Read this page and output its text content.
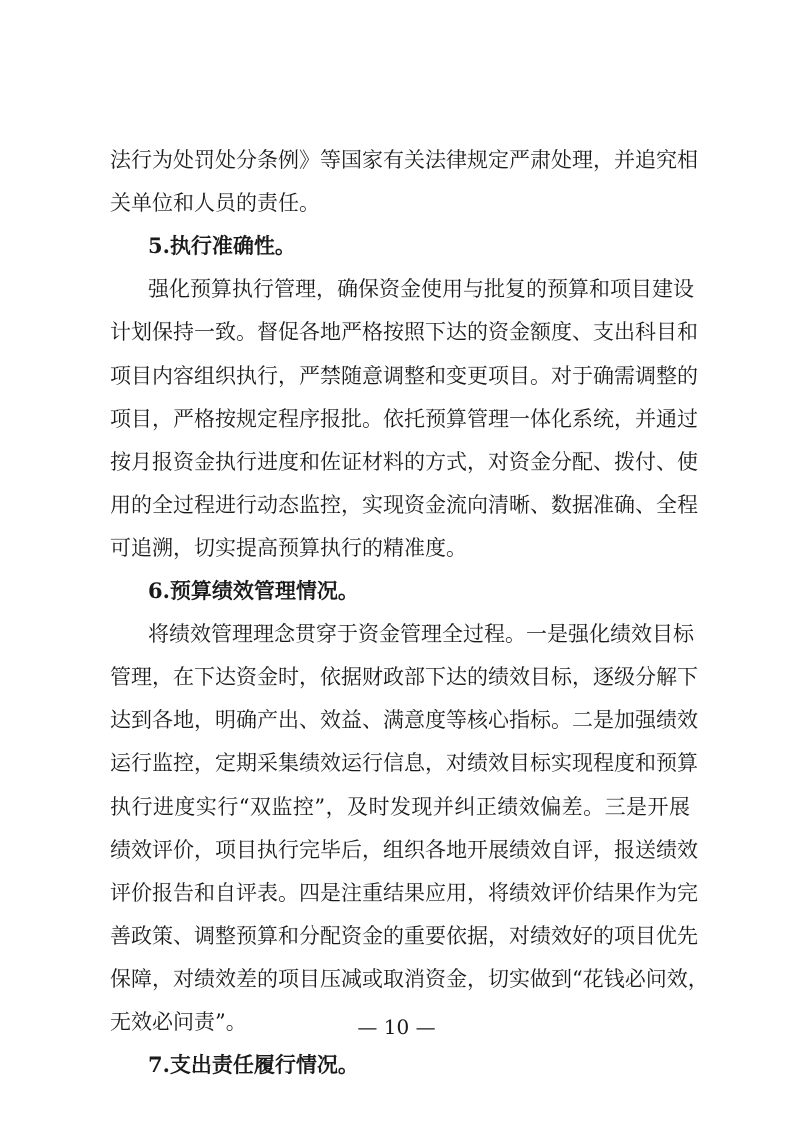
法行为处罚处分条例》等国家有关法律规定严肃处理，并追究相
关单位和人员的责任。
5.执行准确性。
强化预算执行管理，确保资金使用与批复的预算和项目建设
计划保持一致。督促各地严格按照下达的资金额度、支出科目和
项目内容组织执行，严禁随意调整和变更项目。对于确需调整的
项目，严格按规定程序报批。依托预算管理一体化系统，并通过
按月报资金执行进度和佐证材料的方式，对资金分配、拨付、使
用的全过程进行动态监控，实现资金流向清晰、数据准确、全程
可追溯，切实提高预算执行的精准度。
6.预算绩效管理情况。
将绩效管理理念贯穿于资金管理全过程。一是强化绩效目标
管理，在下达资金时，依据财政部下达的绩效目标，逐级分解下
达到各地，明确产出、效益、满意度等核心指标。二是加强绩效
运行监控，定期采集绩效运行信息，对绩效目标实现程度和预算
执行进度实行“双监控”，及时发现并纠正绩效偏差。三是开展
绩效评价，项目执行完毕后，组织各地开展绩效自评，报送绩效
评价报告和自评表。四是注重结果应用，将绩效评价结果作为完
善政策、调整预算和分配资金的重要依据，对绩效好的项目优先
保障，对绩效差的项目压减或取消资金，切实做到“花钱必问效，
无效必问责”。
7.支出责任履行情况。
— 10 —
